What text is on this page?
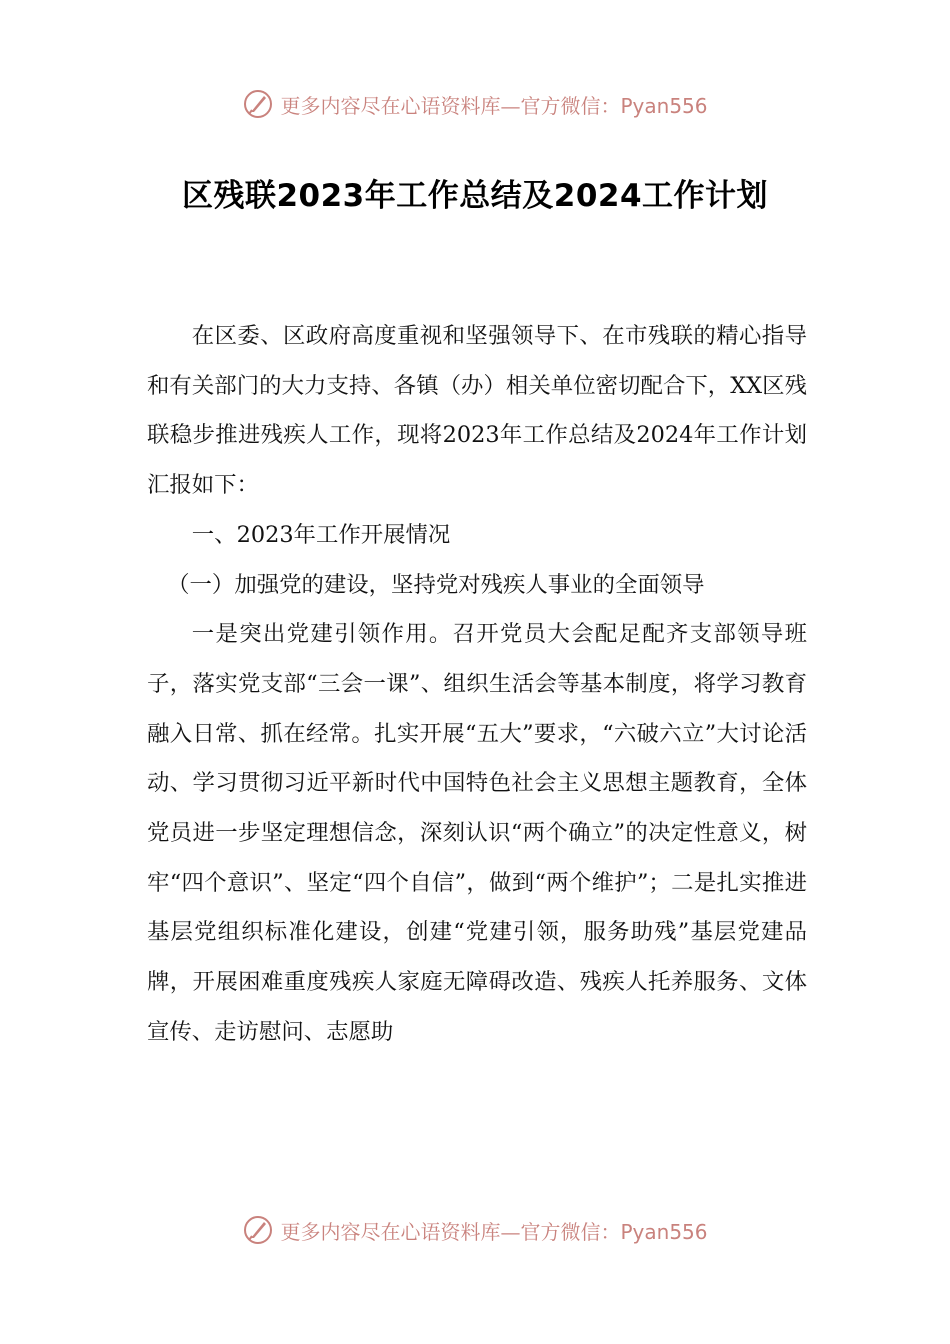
更多内容尽在心语资料库—官方微信：Pyan556
区残联2023年工作总结及2024工作计划

在区委、区政府高度重视和坚强领导下、在市残联的精心指导和有关部门的大力支持、各镇（办）相关单位密切配合下，XX区残联稳步推进残疾人工作，现将2023年工作总结及2024年工作计划汇报如下：

一、2023年工作开展情况

（一）加强党的建设，坚持党对残疾人事业的全面领导

一是突出党建引领作用。召开党员大会配足配齐支部领导班子，落实党支部“三会一课”、组织生活会等基本制度，将学习教育融入日常、抓在经常。扎实开展“五大”要求，“六破六立”大讨论活动、学习贯彻习近平新时代中国特色社会主义思想主题教育，全体党员进一步坚定理想信念，深刻认识“两个确立”的决定性意义，树牢“四个意识”、坚定“四个自信”，做到“两个维护”；二是扎实推进基层党组织标准化建设，创建“党建引领，服务助残”基层党建品牌，开展困难重度残疾人家庭无障碍改造、残疾人托养服务、文体宣传、走访慰问、志愿助

更多内容尽在心语资料库—官方微信：Pyan556
